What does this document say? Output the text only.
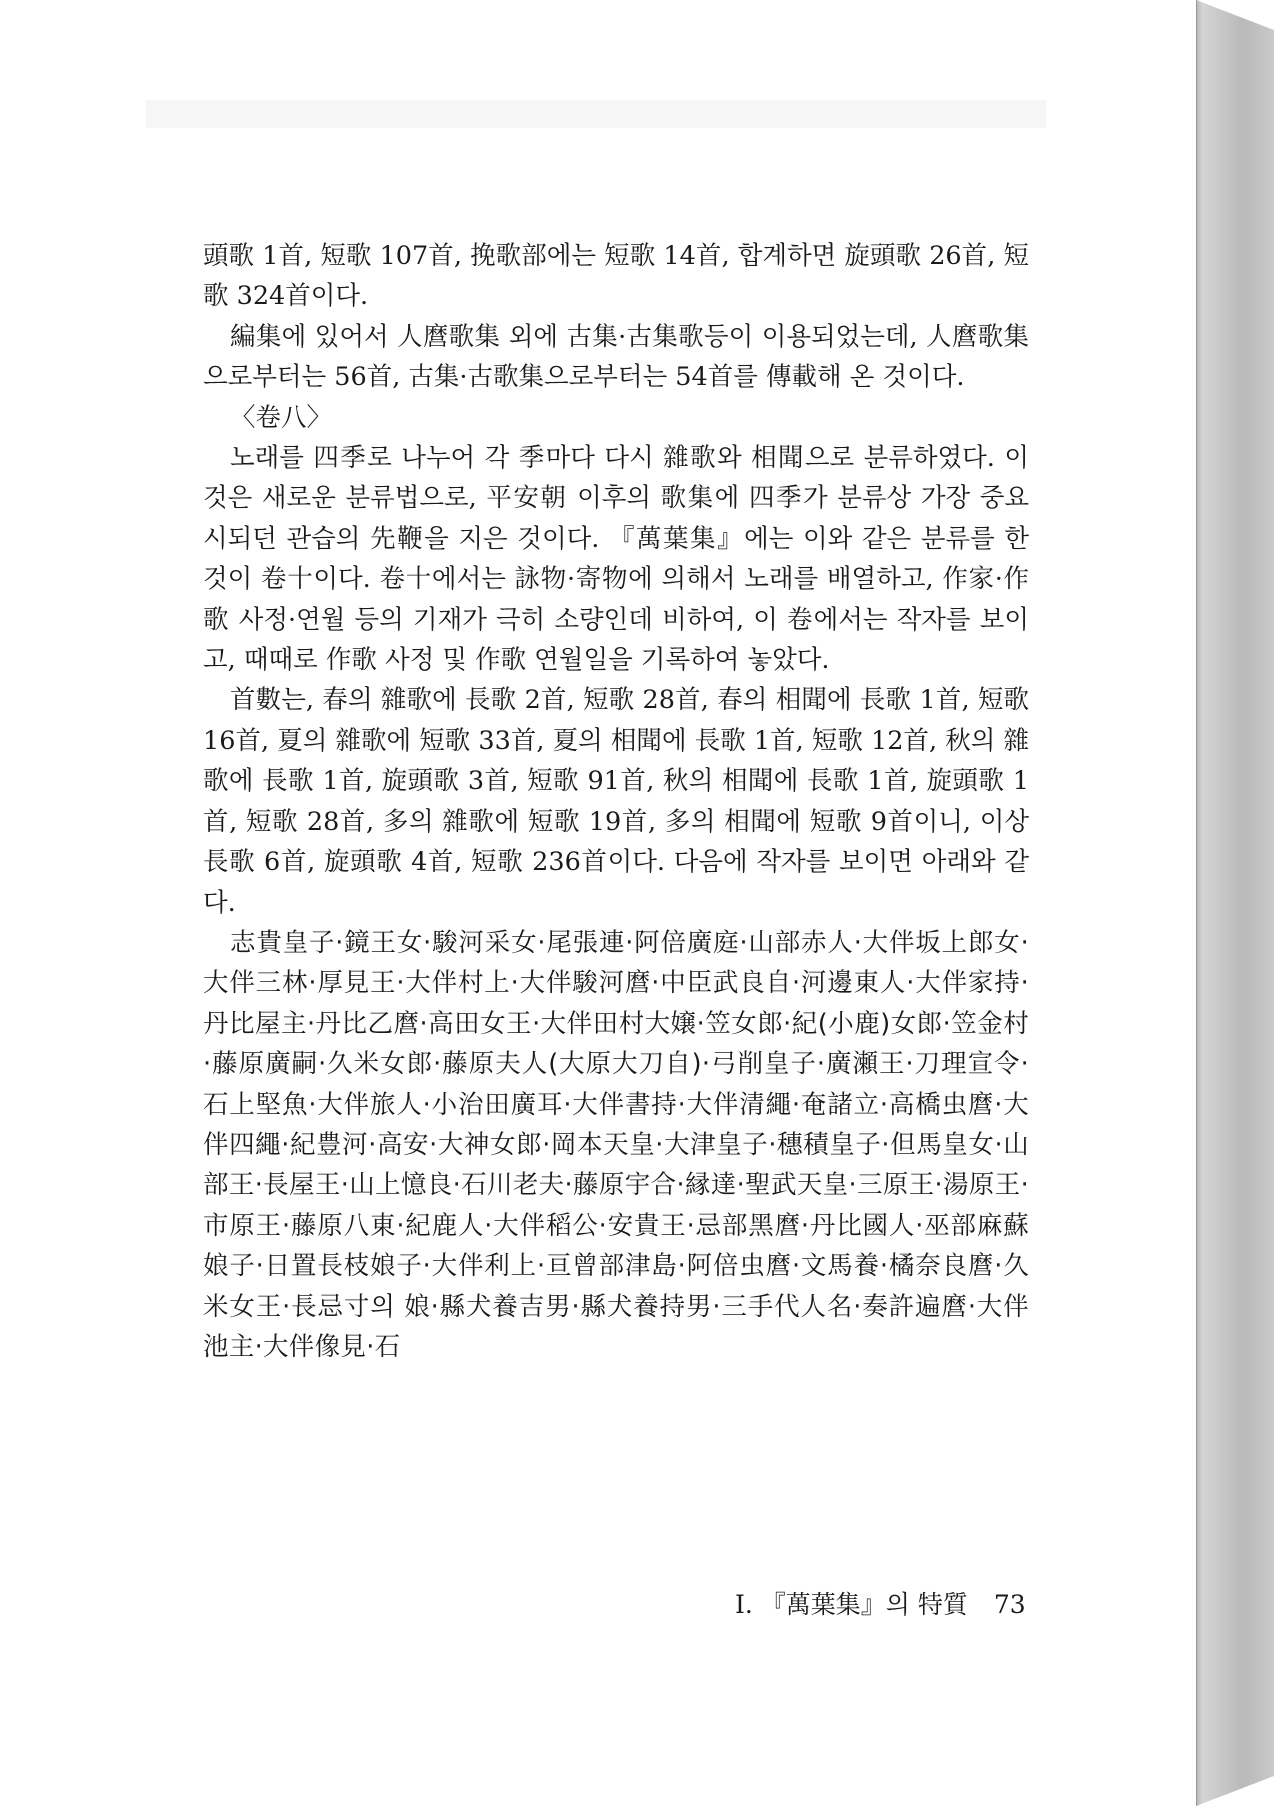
頭歌 1首, 短歌 107首, 挽歌部에는 短歌 14首, 합계하면 旋頭歌 26首, 短歌 324首이다.

編集에 있어서 人麿歌集 외에 古集·古集歌등이 이용되었는데, 人麿歌集으로부터는 56首, 古集·古歌集으로부터는 54首를 傳載해 온 것이다.

〈卷八〉

노래를 四季로 나누어 각 季마다 다시 雜歌와 相聞으로 분류하였다. 이것은 새로운 분류법으로, 平安朝 이후의 歌集에 四季가 분류상 가장 중요시되던 관습의 先鞭을 지은 것이다. 『萬葉集』에는 이와 같은 분류를 한 것이 卷十이다. 卷十에서는 詠物·寄物에 의해서 노래를 배열하고, 作家·作歌 사정·연월 등의 기재가 극히 소량인데 비하여, 이 卷에서는 작자를 보이고, 때때로 作歌 사정 및 作歌 연월일을 기록하여 놓았다.

首數는, 春의 雜歌에 長歌 2首, 短歌 28首, 春의 相聞에 長歌 1首, 短歌 16首, 夏의 雜歌에 短歌 33首, 夏의 相聞에 長歌 1首, 短歌 12首, 秋의 雜歌에 長歌 1首, 旋頭歌 3首, 短歌 91首, 秋의 相聞에 長歌 1首, 旋頭歌 1首, 短歌 28首, 多의 雜歌에 短歌 19首, 多의 相聞에 短歌 9首이니, 이상 長歌 6首, 旋頭歌 4首, 短歌 236首이다. 다음에 작자를 보이면 아래와 같다.

志貴皇子·鏡王女·駿河采女·尾張連·阿倍廣庭·山部赤人·大伴坂上郎女·大伴三林·厚見王·大伴村上·大伴駿河麿·中臣武良自·河邊東人·大伴家持·丹比屋主·丹比乙麿·高田女王·大伴田村大嬢·笠女郎·紀(小鹿)女郎·笠金村·藤原廣嗣·久米女郎·藤原夫人(大原大刀自)·弓削皇子·廣瀬王·刀理宣令·石上堅魚·大伴旅人·小治田廣耳·大伴書持·大伴清繩·奄諸立·高橋虫麿·大伴四繩·紀豊河·高安·大神女郎·岡本天皇·大津皇子·穗積皇子·但馬皇女·山部王·長屋王·山上憶良·石川老夫·藤原宇合·縁達·聖武天皇·三原王·湯原王·市原王·藤原八東·紀鹿人·大伴稻公·安貴王·忌部黑麿·丹比國人·巫部麻蘇娘子·日置長枝娘子·大伴利上·亘曾部津島·阿倍虫麿·文馬養·橘奈良麿·久米女王·長忌寸의 娘·縣犬養吉男·縣犬養持男·三手代人名·奏許遍麿·大伴池主·大伴像見·石

Ⅰ. 『萬葉集』의 特質 73
